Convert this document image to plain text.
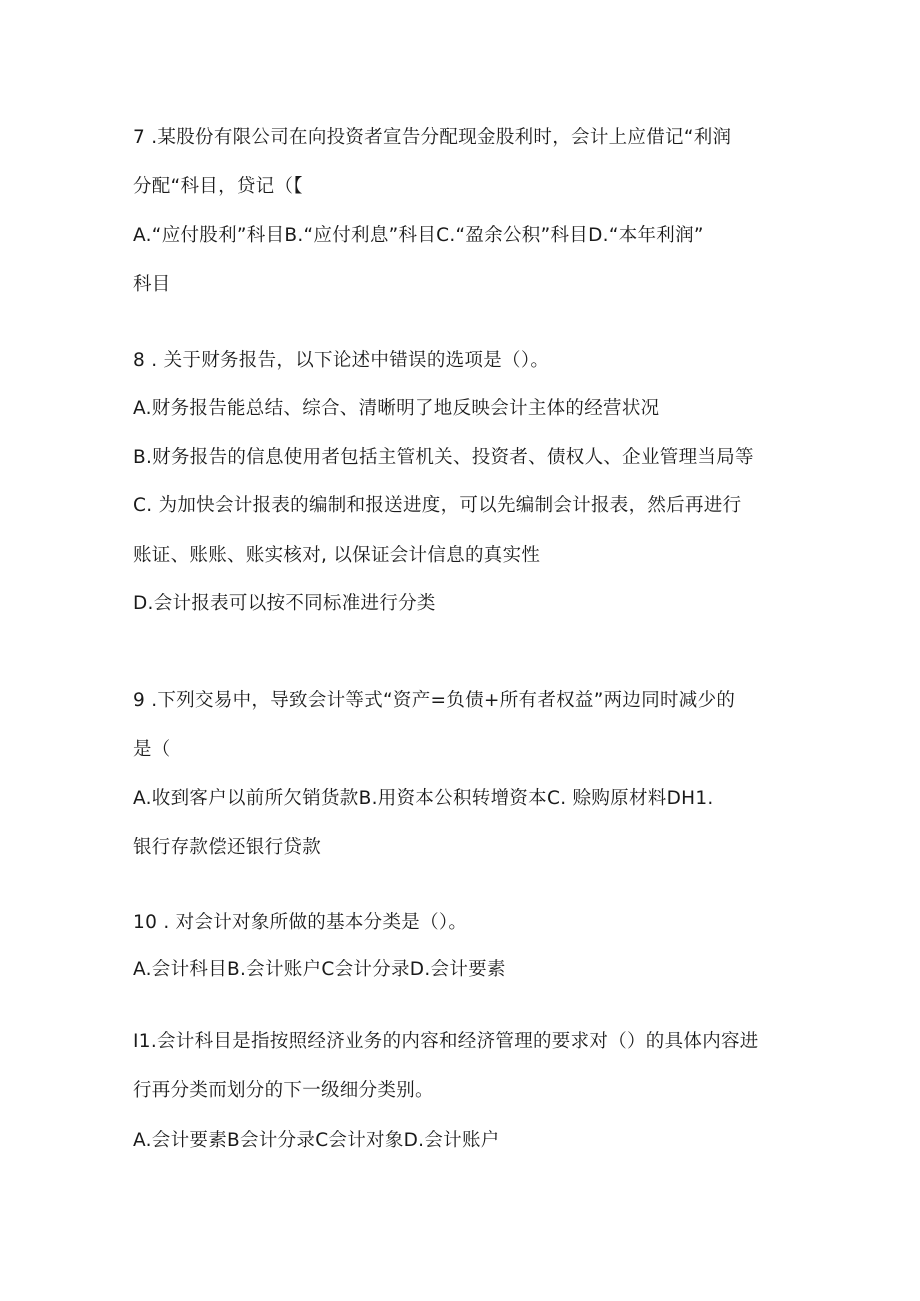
7 .某股份有限公司在向投资者宣告分配现金股利时，会计上应借记“利润
分配“科目，贷记（【
A.“应付股利”科目B.“应付利息”科目C.“盈余公积”科目D.“本年利润”
科目
8 . 关于财务报告，以下论述中错误的选项是（）。
A.财务报告能总结、综合、清晰明了地反映会计主体的经营状况
B.财务报告的信息使用者包括主管机关、投资者、债权人、企业管理当局等
C. 为加快会计报表的编制和报送进度，可以先编制会计报表，然后再进行
账证、账账、账实核对, 以保证会计信息的真实性
D.会计报表可以按不同标准进行分类
9 .下列交易中，导致会计等式“资产=负债+所有者权益”两边同时减少的
是（
A.收到客户以前所欠销货款B.用资本公积转增资本C. 赊购原材料DH1.
银行存款偿还银行贷款
10 . 对会计对象所做的基本分类是（）。
A.会计科目B.会计账户C会计分录D.会计要素
I1.会计科目是指按照经济业务的内容和经济管理的要求对（）的具体内容进
行再分类而划分的下一级细分类别。
A.会计要素B会计分录C会计对象D.会计账户
